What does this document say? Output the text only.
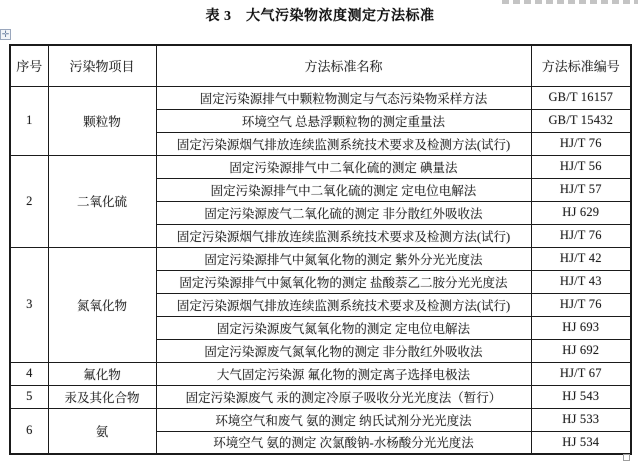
表 3　大气污染物浓度测定方法标准
✛
序号	污染物项目	方法标准名称	方法标准编号
1	颗粒物	固定污染源排气中颗粒物测定与气态污染物采样方法	GB/T 16157
		环境空气 总悬浮颗粒物的测定重量法	GB/T 15432
		固定污染源烟气排放连续监测系统技术要求及检测方法(试行)	HJ/T 76
2	二氧化硫	固定污染源排气中二氧化硫的测定 碘量法	HJ/T 56
		固定污染源排气中二氧化硫的测定 定电位电解法	HJ/T 57
		固定污染源废气二氧化硫的测定 非分散红外吸收法	HJ 629
		固定污染源烟气排放连续监测系统技术要求及检测方法(试行)	HJ/T 76
3	氮氧化物	固定污染源排气中氮氧化物的测定 紫外分光光度法	HJ/T 42
		固定污染源排气中氮氧化物的测定 盐酸萘乙二胺分光光度法	HJ/T 43
		固定污染源烟气排放连续监测系统技术要求及检测方法(试行)	HJ/T 76
		固定污染源废气氮氧化物的测定 定电位电解法	HJ 693
		固定污染源废气氮氧化物的测定 非分散红外吸收法	HJ 692
4	氟化物	大气固定污染源 氟化物的测定离子选择电极法	HJ/T 67
5	汞及其化合物	固定污染源废气 汞的测定冷原子吸收分光光度法（暂行）	HJ 543
6	氨	环境空气和废气 氨的测定 纳氏试剂分光光度法	HJ 533
		环境空气 氨的测定 次氯酸钠-水杨酸分光光度法	HJ 534
